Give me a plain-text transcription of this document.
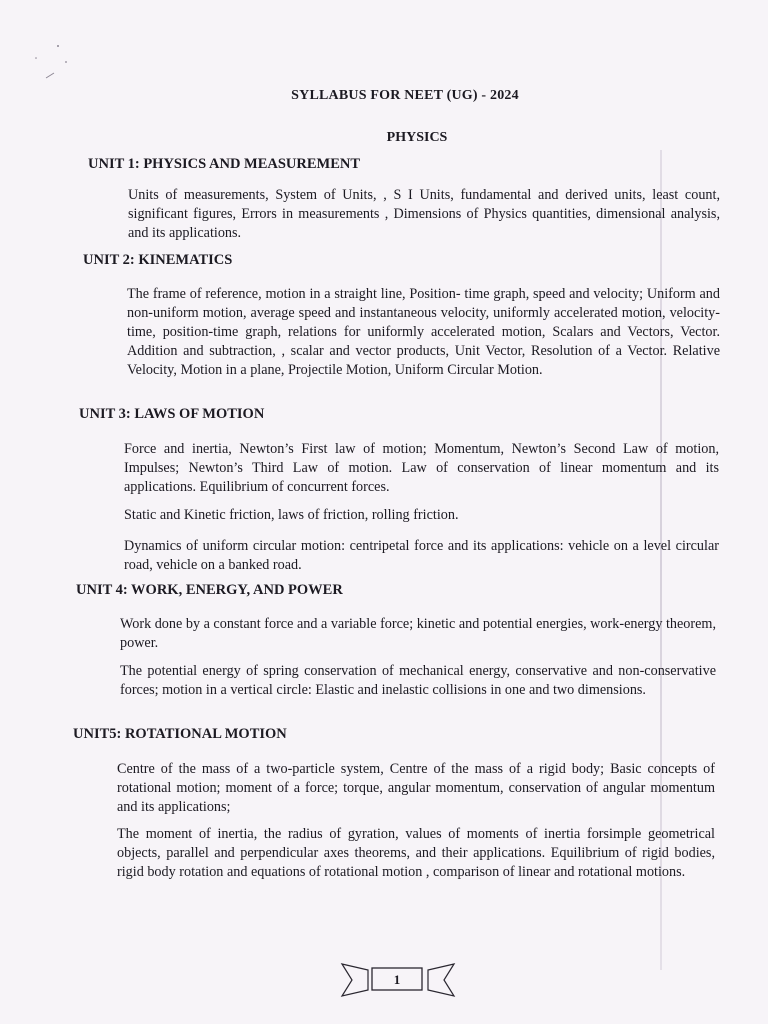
SYLLABUS FOR NEET (UG) - 2024
PHYSICS
UNIT 1: PHYSICS AND MEASUREMENT

Units of measurements, System of Units, , S I Units, fundamental and derived units, least count, significant figures, Errors in measurements , Dimensions of Physics quantities, dimensional analysis, and its applications.

UNIT 2: KINEMATICS

The frame of reference, motion in a straight line, Position- time graph, speed and velocity; Uniform and non-uniform motion, average speed and instantaneous velocity, uniformly accelerated motion, velocity-time, position-time graph, relations for uniformly accelerated motion, Scalars and Vectors, Vector. Addition and subtraction, , scalar and vector products, Unit Vector, Resolution of a Vector. Relative Velocity, Motion in a plane, Projectile Motion, Uniform Circular Motion.

UNIT 3: LAWS OF MOTION

Force and inertia, Newton’s First law of motion; Momentum, Newton’s Second Law of motion, Impulses; Newton’s Third Law of motion. Law of conservation of linear momentum and its applications. Equilibrium of concurrent forces.

Static and Kinetic friction, laws of friction, rolling friction.

Dynamics of uniform circular motion: centripetal force and its applications: vehicle on a level circular road, vehicle on a banked road.

UNIT 4: WORK, ENERGY, AND POWER

Work done by a constant force and a variable force; kinetic and potential energies, work-energy theorem, power.

The potential energy of spring conservation of mechanical energy, conservative and non-conservative forces; motion in a vertical circle: Elastic and inelastic collisions in one and two dimensions.

UNIT5: ROTATIONAL MOTION

Centre of the mass of a two-particle system, Centre of the mass of a rigid body; Basic concepts of rotational motion; moment of a force; torque, angular momentum, conservation of angular momentum and its applications;

The moment of inertia, the radius of gyration, values of moments of inertia forsimple geometrical objects, parallel and perpendicular axes theorems, and their applications. Equilibrium of rigid bodies, rigid body rotation and equations of rotational motion , comparison of linear and rotational motions.

1
